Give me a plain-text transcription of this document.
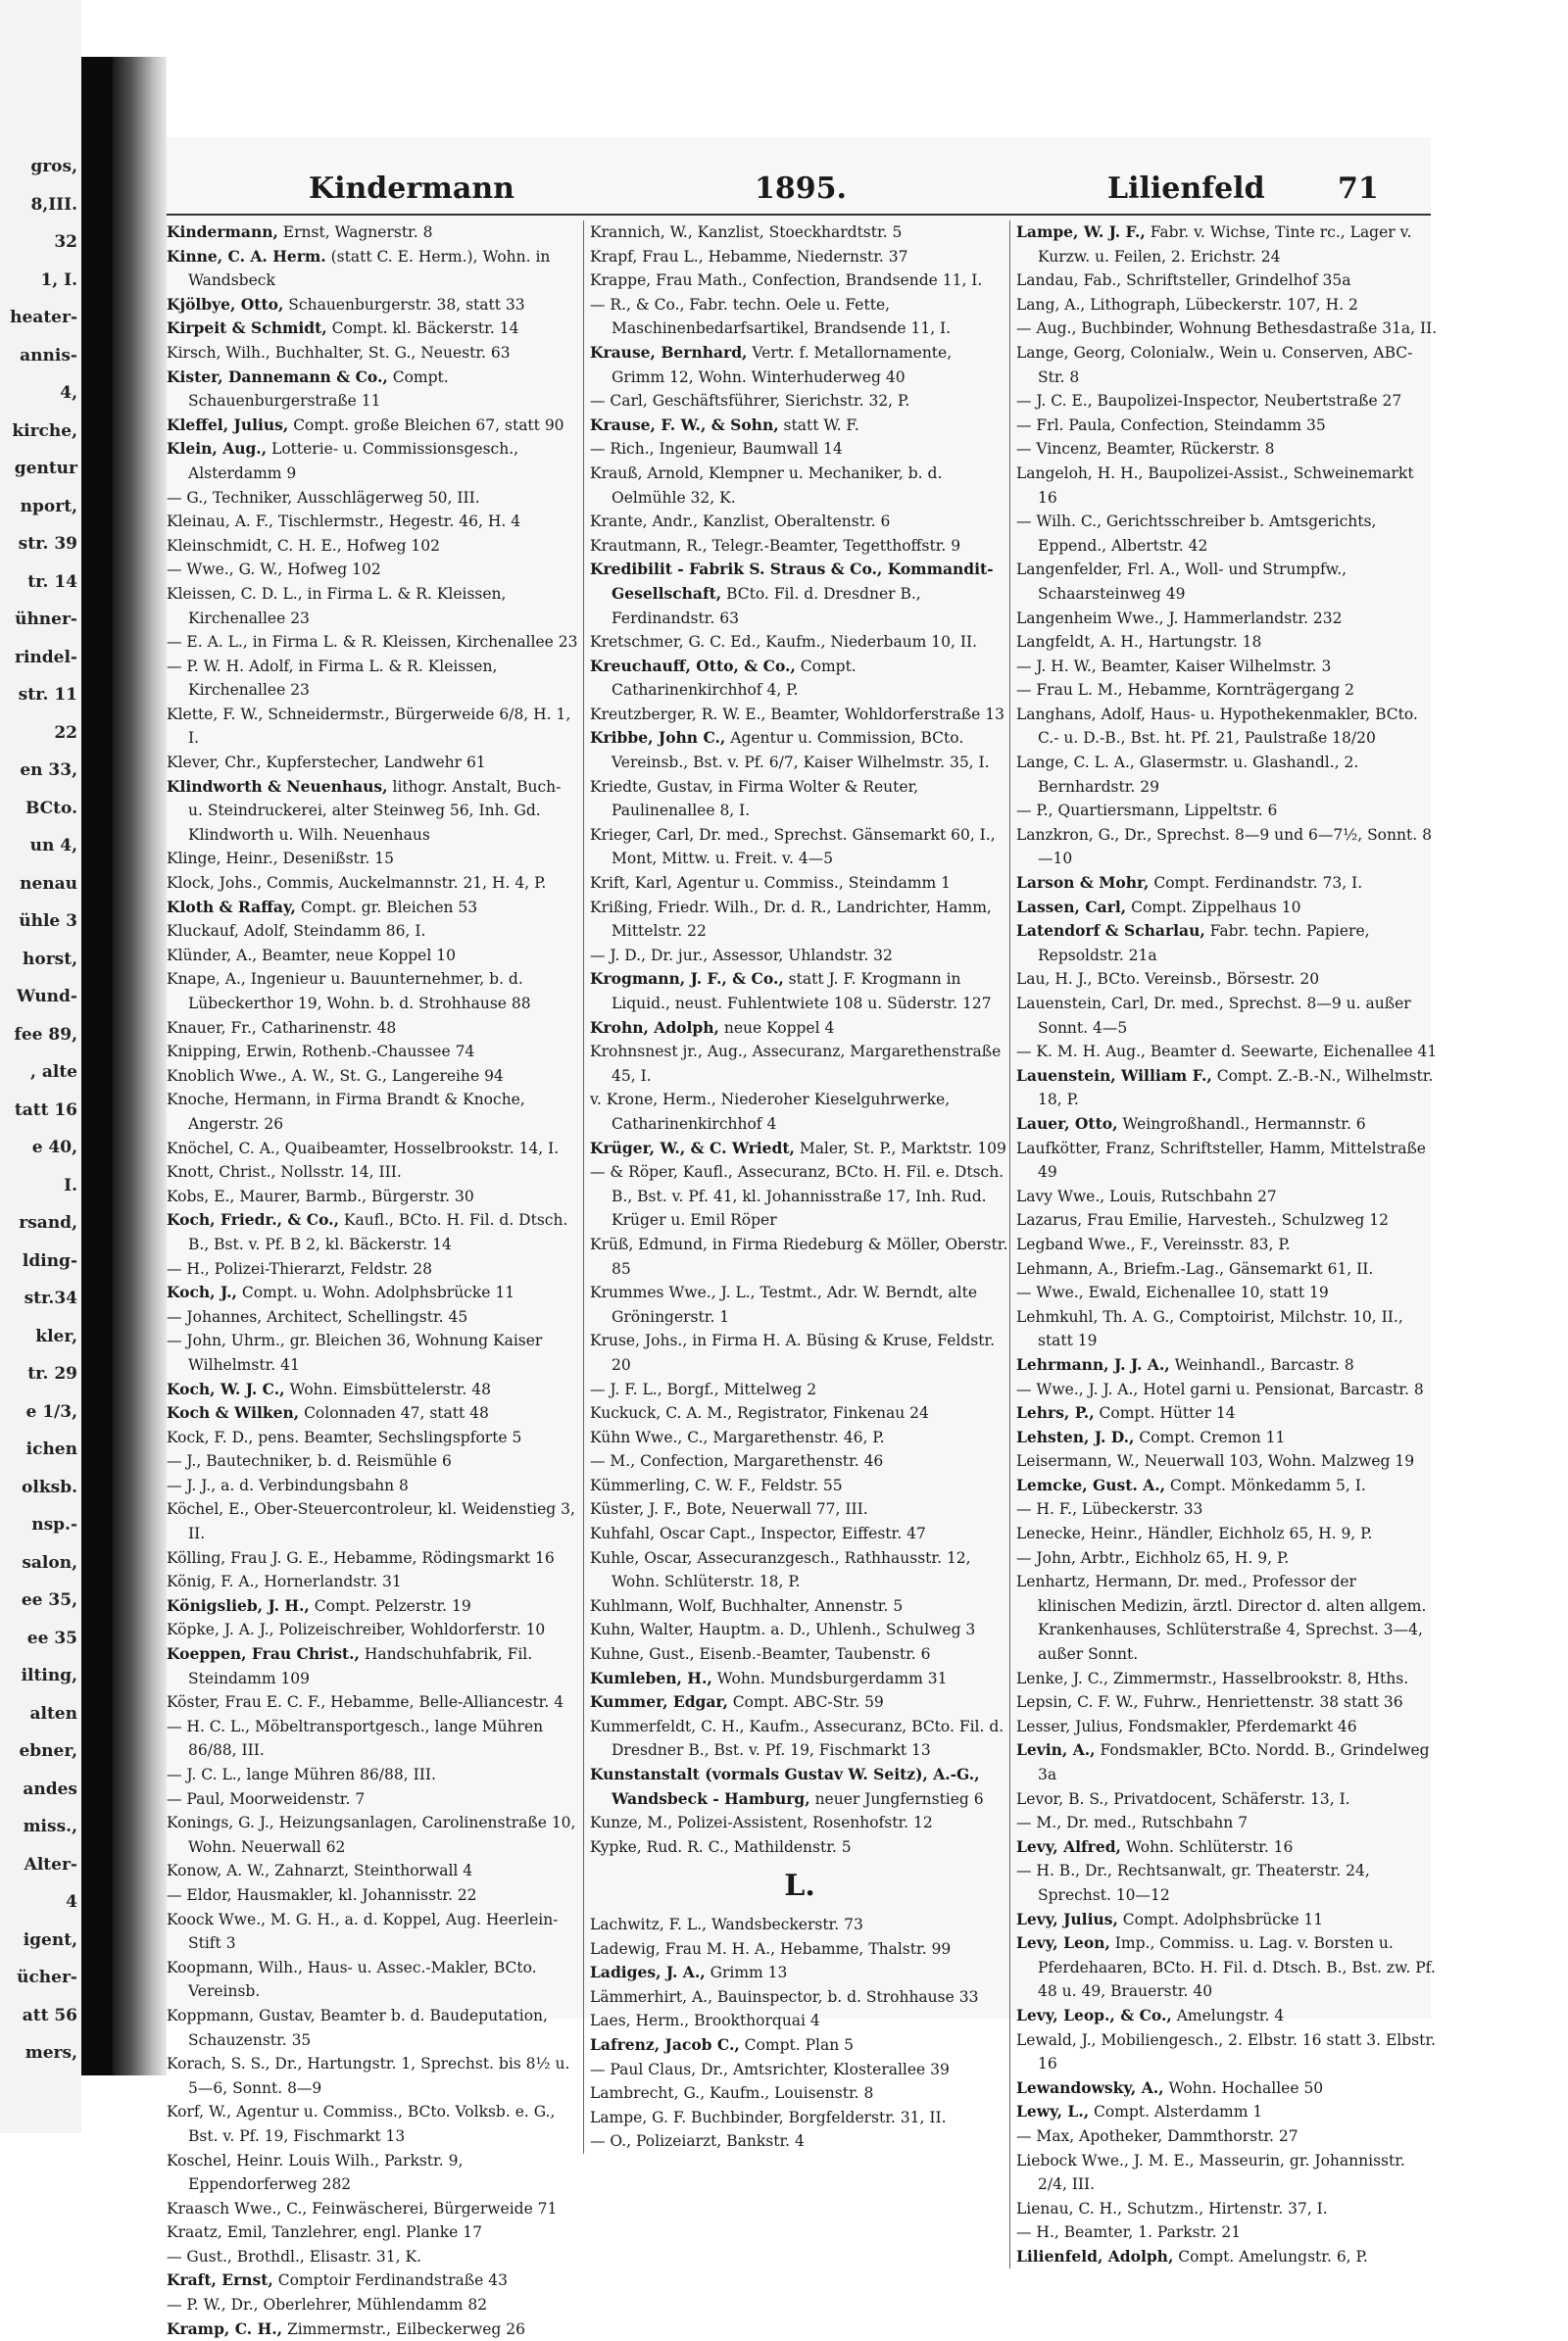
gros,
8,III.
32
1, I.
heater-
annis-
4,
kirche,
gentur
nport,
str. 39
tr. 14
ühner-
rindel-
str. 11
22
en 33,
BCto.
un 4,
nenau
ühle 3
horst,
Wund-
fee 89,
, alte
tatt 16
e 40,
I.
rsand,
lding-
str.34
kler,
tr. 29
e 1/3,
ichen
olksb.
nsp.-
salon,
ee 35,
ee 35
ilting,
alten
ebner,
andes
miss.,
Alter-
4
igent,
ücher-
att 56
mers,
Kindermann	1895.	Lilienfeld 71

Kindermann, Ernst, Wagnerstr. 8

Kinne, C. A. Herm. (statt C. E. Herm.), Wohn. in Wandsbeck

Kjölbye, Otto, Schauenburgerstr. 38, statt 33

Kirpeit & Schmidt, Compt. kl. Bäckerstr. 14

Kirsch, Wilh., Buchhalter, St. G., Neuestr. 63

Kister, Dannemann & Co., Compt. Schauenburgerstraße 11

Kleffel, Julius, Compt. große Bleichen 67, statt 90

Klein, Aug., Lotterie- u. Commissionsgesch., Alsterdamm 9

— G., Techniker, Ausschlägerweg 50, III.

Kleinau, A. F., Tischlermstr., Hegestr. 46, H. 4

Kleinschmidt, C. H. E., Hofweg 102

— Wwe., G. W., Hofweg 102

Kleissen, C. D. L., in Firma L. & R. Kleissen, Kirchenallee 23

— E. A. L., in Firma L. & R. Kleissen, Kirchenallee 23

— P. W. H. Adolf, in Firma L. & R. Kleissen, Kirchenallee 23

Klette, F. W., Schneidermstr., Bürgerweide 6/8, H. 1, I.

Klever, Chr., Kupferstecher, Landwehr 61

Klindworth & Neuenhaus, lithogr. Anstalt, Buch- u. Steindruckerei, alter Steinweg 56, Inh. Gd. Klindworth u. Wilh. Neuenhaus

Klinge, Heinr., Desenißstr. 15

Klock, Johs., Commis, Auckelmannstr. 21, H. 4, P.

Kloth & Raffay, Compt. gr. Bleichen 53

Kluckauf, Adolf, Steindamm 86, I.

Klünder, A., Beamter, neue Koppel 10

Knape, A., Ingenieur u. Bauunternehmer, b. d. Lübeckerthor 19, Wohn. b. d. Strohhause 88

Knauer, Fr., Catharinenstr. 48

Knipping, Erwin, Rothenb.-Chaussee 74

Knoblich Wwe., A. W., St. G., Langereihe 94

Knoche, Hermann, in Firma Brandt & Knoche, Angerstr. 26

Knöchel, C. A., Quaibeamter, Hosselbrookstr. 14, I.

Knott, Christ., Nollsstr. 14, III.

Kobs, E., Maurer, Barmb., Bürgerstr. 30

Koch, Friedr., & Co., Kaufl., BCto. H. Fil. d. Dtsch. B., Bst. v. Pf. B 2, kl. Bäckerstr. 14

— H., Polizei-Thierarzt, Feldstr. 28

Koch, J., Compt. u. Wohn. Adolphsbrücke 11

— Johannes, Architect, Schellingstr. 45

— John, Uhrm., gr. Bleichen 36, Wohnung Kaiser Wilhelmstr. 41

Koch, W. J. C., Wohn. Eimsbüttelerstr. 48

Koch & Wilken, Colonnaden 47, statt 48

Kock, F. D., pens. Beamter, Sechslingspforte 5

— J., Bautechniker, b. d. Reismühle 6

— J. J., a. d. Verbindungsbahn 8

Köchel, E., Ober-Steuercontroleur, kl. Weidenstieg 3, II.

Kölling, Frau J. G. E., Hebamme, Rödingsmarkt 16

König, F. A., Hornerlandstr. 31

Königslieb, J. H., Compt. Pelzerstr. 19

Köpke, J. A. J., Polizeischreiber, Wohldorferstr. 10

Koeppen, Frau Christ., Handschuhfabrik, Fil. Steindamm 109

Köster, Frau E. C. F., Hebamme, Belle-Alliancestr. 4

— H. C. L., Möbeltransportgesch., lange Mühren 86/88, III.

— J. C. L., lange Mühren 86/88, III.

— Paul, Moorweidenstr. 7

Konings, G. J., Heizungsanlagen, Carolinenstraße 10, Wohn. Neuerwall 62

Konow, A. W., Zahnarzt, Steinthorwall 4

— Eldor, Hausmakler, kl. Johannisstr. 22

Koock Wwe., M. G. H., a. d. Koppel, Aug. Heerlein-Stift 3

Koopmann, Wilh., Haus- u. Assec.-Makler, BCto. Vereinsb.

Koppmann, Gustav, Beamter b. d. Baudeputation, Schauzenstr. 35

Korach, S. S., Dr., Hartungstr. 1, Sprechst. bis 8½ u. 5—6, Sonnt. 8—9

Korf, W., Agentur u. Commiss., BCto. Volksb. e. G., Bst. v. Pf. 19, Fischmarkt 13

Koschel, Heinr. Louis Wilh., Parkstr. 9, Eppendorferweg 282

Kraasch Wwe., C., Feinwäscherei, Bürgerweide 71

Kraatz, Emil, Tanzlehrer, engl. Planke 17

— Gust., Brothdl., Elisastr. 31, K.

Kraft, Ernst, Comptoir Ferdinandstraße 43

— P. W., Dr., Oberlehrer, Mühlendamm 82

Kramp, C. H., Zimmermstr., Eilbeckerweg 26

Krannich, W., Kanzlist, Stoeckhardtstr. 5

Krapf, Frau L., Hebamme, Niedernstr. 37

Krappe, Frau Math., Confection, Brandsende 11, I.

— R., & Co., Fabr. techn. Oele u. Fette, Maschinenbedarfsartikel, Brandsende 11, I.

Krause, Bernhard, Vertr. f. Metallornamente, Grimm 12, Wohn. Winterhuderweg 40

— Carl, Geschäftsführer, Sierichstr. 32, P.

Krause, F. W., & Sohn, statt W. F.

— Rich., Ingenieur, Baumwall 14

Krauß, Arnold, Klempner u. Mechaniker, b. d. Oelmühle 32, K.

Krante, Andr., Kanzlist, Oberaltenstr. 6

Krautmann, R., Telegr.-Beamter, Tegetthoffstr. 9

Kredibilit - Fabrik S. Straus & Co., Kommandit-Gesellschaft, BCto. Fil. d. Dresdner B., Ferdinandstr. 63

Kretschmer, G. C. Ed., Kaufm., Niederbaum 10, II.

Kreuchauff, Otto, & Co., Compt. Catharinenkirchhof 4, P.

Kreutzberger, R. W. E., Beamter, Wohldorferstraße 13

Kribbe, John C., Agentur u. Commission, BCto. Vereinsb., Bst. v. Pf. 6/7, Kaiser Wilhelmstr. 35, I.

Kriedte, Gustav, in Firma Wolter & Reuter, Paulinenallee 8, I.

Krieger, Carl, Dr. med., Sprechst. Gänsemarkt 60, I., Mont, Mittw. u. Freit. v. 4—5

Krift, Karl, Agentur u. Commiss., Steindamm 1

Krißing, Friedr. Wilh., Dr. d. R., Landrichter, Hamm, Mittelstr. 22

— J. D., Dr. jur., Assessor, Uhlandstr. 32

Krogmann, J. F., & Co., statt J. F. Krogmann in Liquid., neust. Fuhlentwiete 108 u. Süderstr. 127

Krohn, Adolph, neue Koppel 4

Krohnsnest jr., Aug., Assecuranz, Margarethenstraße 45, I.

v. Krone, Herm., Niederoher Kieselguhrwerke, Catharinenkirchhof 4

Krüger, W., & C. Wriedt, Maler, St. P., Marktstr. 109

— & Röper, Kaufl., Assecuranz, BCto. H. Fil. e. Dtsch. B., Bst. v. Pf. 41, kl. Johannisstraße 17, Inh. Rud. Krüger u. Emil Röper

Krüß, Edmund, in Firma Riedeburg & Möller, Oberstr. 85

Krummes Wwe., J. L., Testmt., Adr. W. Berndt, alte Gröningerstr. 1

Kruse, Johs., in Firma H. A. Büsing & Kruse, Feldstr. 20

— J. F. L., Borgf., Mittelweg 2

Kuckuck, C. A. M., Registrator, Finkenau 24

Kühn Wwe., C., Margarethenstr. 46, P.

— M., Confection, Margarethenstr. 46

Kümmerling, C. W. F., Feldstr. 55

Küster, J. F., Bote, Neuerwall 77, III.

Kuhfahl, Oscar Capt., Inspector, Eiffestr. 47

Kuhle, Oscar, Assecuranzgesch., Rathhausstr. 12, Wohn. Schlüterstr. 18, P.

Kuhlmann, Wolf, Buchhalter, Annenstr. 5

Kuhn, Walter, Hauptm. a. D., Uhlenh., Schulweg 3

Kuhne, Gust., Eisenb.-Beamter, Taubenstr. 6

Kumleben, H., Wohn. Mundsburgerdamm 31

Kummer, Edgar, Compt. ABC-Str. 59

Kummerfeldt, C. H., Kaufm., Assecuranz, BCto. Fil. d. Dresdner B., Bst. v. Pf. 19, Fischmarkt 13

Kunstanstalt (vormals Gustav W. Seitz), A.-G., Wandsbeck - Hamburg, neuer Jungfernstieg 6

Kunze, M., Polizei-Assistent, Rosenhofstr. 12

Kypke, Rud. R. C., Mathildenstr. 5

L.

Lachwitz, F. L., Wandsbeckerstr. 73

Ladewig, Frau M. H. A., Hebamme, Thalstr. 99

Ladiges, J. A., Grimm 13

Lämmerhirt, A., Bauinspector, b. d. Strohhause 33

Laes, Herm., Brookthorquai 4

Lafrenz, Jacob C., Compt. Plan 5

— Paul Claus, Dr., Amtsrichter, Klosterallee 39

Lambrecht, G., Kaufm., Louisenstr. 8

Lampe, G. F. Buchbinder, Borgfelderstr. 31, II.

— O., Polizeiarzt, Bankstr. 4

Lampe, W. J. F., Fabr. v. Wichse, Tinte rc., Lager v. Kurzw. u. Feilen, 2. Erichstr. 24

Landau, Fab., Schriftsteller, Grindelhof 35a

Lang, A., Lithograph, Lübeckerstr. 107, H. 2

— Aug., Buchbinder, Wohnung Bethesdastraße 31a, II.

Lange, Georg, Colonialw., Wein u. Conserven, ABC-Str. 8

— J. C. E., Baupolizei-Inspector, Neubertstraße 27

— Frl. Paula, Confection, Steindamm 35

— Vincenz, Beamter, Rückerstr. 8

Langeloh, H. H., Baupolizei-Assist., Schweinemarkt 16

— Wilh. C., Gerichtsschreiber b. Amtsgerichts, Eppend., Albertstr. 42

Langenfelder, Frl. A., Woll- und Strumpfw., Schaarsteinweg 49

Langenheim Wwe., J. Hammerlandstr. 232

Langfeldt, A. H., Hartungstr. 18

— J. H. W., Beamter, Kaiser Wilhelmstr. 3

— Frau L. M., Hebamme, Kornträgergang 2

Langhans, Adolf, Haus- u. Hypothekenmakler, BCto. C.- u. D.-B., Bst. ht. Pf. 21, Paulstraße 18/20

Lange, C. L. A., Glasermstr. u. Glashandl., 2. Bernhardstr. 29

— P., Quartiersmann, Lippeltstr. 6

Lanzkron, G., Dr., Sprechst. 8—9 und 6—7½, Sonnt. 8—10

Larson & Mohr, Compt. Ferdinandstr. 73, I.

Lassen, Carl, Compt. Zippelhaus 10

Latendorf & Scharlau, Fabr. techn. Papiere, Repsoldstr. 21a

Lau, H. J., BCto. Vereinsb., Börsestr. 20

Lauenstein, Carl, Dr. med., Sprechst. 8—9 u. außer Sonnt. 4—5

— K. M. H. Aug., Beamter d. Seewarte, Eichenallee 41

Lauenstein, William F., Compt. Z.-B.-N., Wilhelmstr. 18, P.

Lauer, Otto, Weingroßhandl., Hermannstr. 6

Laufkötter, Franz, Schriftsteller, Hamm, Mittelstraße 49

Lavy Wwe., Louis, Rutschbahn 27

Lazarus, Frau Emilie, Harvesteh., Schulzweg 12

Legband Wwe., F., Vereinsstr. 83, P.

Lehmann, A., Briefm.-Lag., Gänsemarkt 61, II.

— Wwe., Ewald, Eichenallee 10, statt 19

Lehmkuhl, Th. A. G., Comptoirist, Milchstr. 10, II., statt 19

Lehrmann, J. J. A., Weinhandl., Barcastr. 8

— Wwe., J. J. A., Hotel garni u. Pensionat, Barcastr. 8

Lehrs, P., Compt. Hütter 14

Lehsten, J. D., Compt. Cremon 11

Leisermann, W., Neuerwall 103, Wohn. Malzweg 19

Lemcke, Gust. A., Compt. Mönkedamm 5, I.

— H. F., Lübeckerstr. 33

Lenecke, Heinr., Händler, Eichholz 65, H. 9, P.

— John, Arbtr., Eichholz 65, H. 9, P.

Lenhartz, Hermann, Dr. med., Professor der klinischen Medizin, ärztl. Director d. alten allgem. Krankenhauses, Schlüterstraße 4, Sprechst. 3—4, außer Sonnt.

Lenke, J. C., Zimmermstr., Hasselbrookstr. 8, Hths.

Lepsin, C. F. W., Fuhrw., Henriettenstr. 38 statt 36

Lesser, Julius, Fondsmakler, Pferdemarkt 46

Levin, A., Fondsmakler, BCto. Nordd. B., Grindelweg 3a

Levor, B. S., Privatdocent, Schäferstr. 13, I.

— M., Dr. med., Rutschbahn 7

Levy, Alfred, Wohn. Schlüterstr. 16

— H. B., Dr., Rechtsanwalt, gr. Theaterstr. 24, Sprechst. 10—12

Levy, Julius, Compt. Adolphsbrücke 11

Levy, Leon, Imp., Commiss. u. Lag. v. Borsten u. Pferdehaaren, BCto. H. Fil. d. Dtsch. B., Bst. zw. Pf. 48 u. 49, Brauerstr. 40

Levy, Leop., & Co., Amelungstr. 4

Lewald, J., Mobiliengesch., 2. Elbstr. 16 statt 3. Elbstr. 16

Lewandowsky, A., Wohn. Hochallee 50

Lewy, L., Compt. Alsterdamm 1

— Max, Apotheker, Dammthorstr. 27

Liebock Wwe., J. M. E., Masseurin, gr. Johannisstr. 2/4, III.

Lienau, C. H., Schutzm., Hirtenstr. 37, I.

— H., Beamter, 1. Parkstr. 21

Lilienfeld, Adolph, Compt. Amelungstr. 6, P.
